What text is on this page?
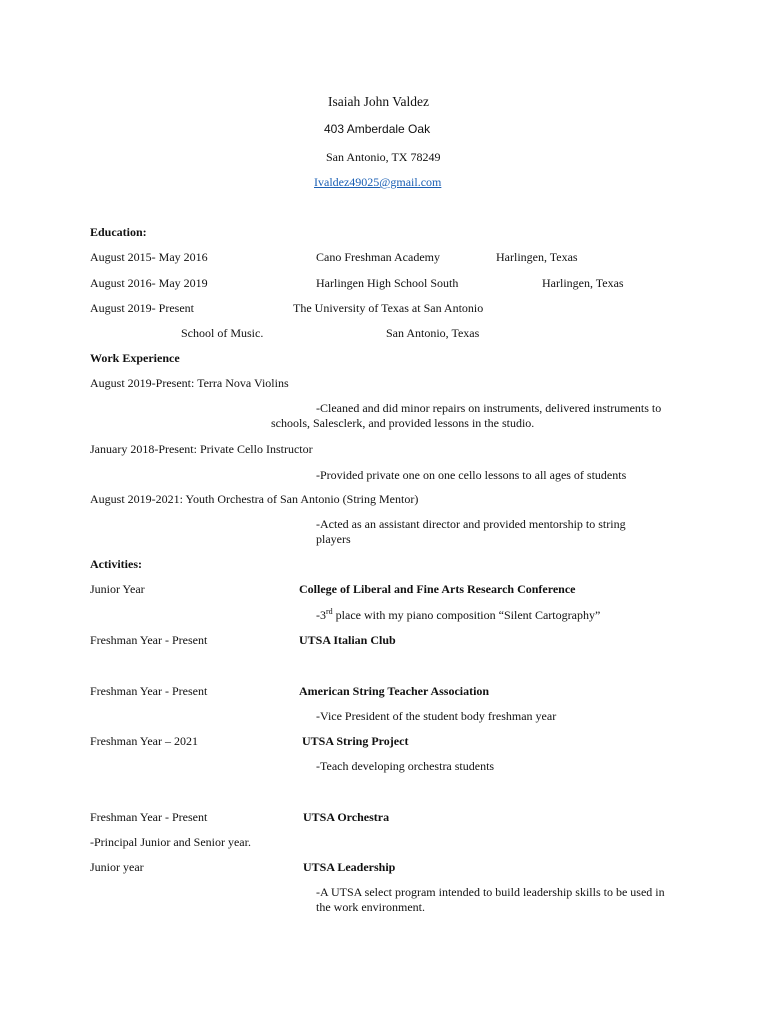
Isaiah John Valdez
403 Amberdale Oak
San Antonio, TX 78249
Ivaldez49025@gmail.com
Education:
August 2015- May 2016	Cano Freshman Academy	Harlingen, Texas
August 2016- May 2019	Harlingen High School South	Harlingen, Texas
August 2019- Present	The University of Texas at San Antonio
School of Music.	San Antonio, Texas
Work Experience
August 2019-Present: Terra Nova Violins
-Cleaned and did minor repairs on instruments, delivered instruments to schools, Salesclerk, and provided lessons in the studio.
January 2018-Present: Private Cello Instructor
-Provided private one on one cello lessons to all ages of students
August 2019-2021: Youth Orchestra of San Antonio (String Mentor)
-Acted as an assistant director and provided mentorship to string players
Activities:
Junior Year	College of Liberal and Fine Arts Research Conference
-3rd place with my piano composition “Silent Cartography”
Freshman Year - Present	UTSA Italian Club
Freshman Year - Present	American String Teacher Association
-Vice President of the student body freshman year
Freshman Year – 2021	UTSA String Project
-Teach developing orchestra students
Freshman Year - Present	UTSA Orchestra
-Principal Junior and Senior year.
Junior year	UTSA Leadership
-A UTSA select program intended to build leadership skills to be used in the work environment.
